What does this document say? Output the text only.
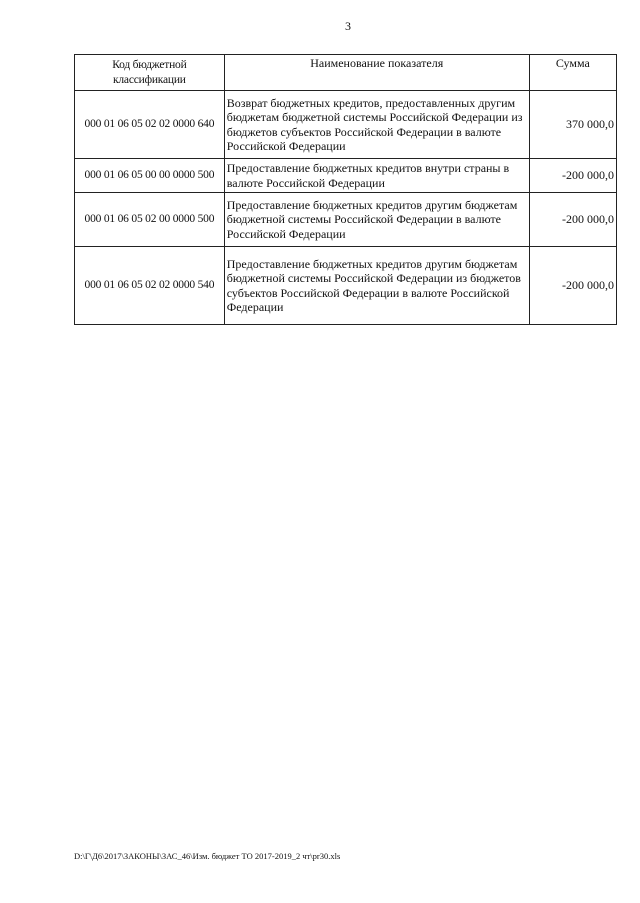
3
Код бюджетной классификации	Наименование показателя	Сумма
000 01 06 05 02 02 0000 640	Возврат бюджетных кредитов, предоставленных другим бюджетам бюджетной системы Российской Федерации из бюджетов субъектов Российской Федерации в валюте Российской Федерации	370 000,0
000 01 06 05 00 00 0000 500	Предоставление бюджетных кредитов внутри страны в валюте Российской Федерации	-200 000,0
000 01 06 05 02 00 0000 500	Предоставление бюджетных кредитов другим бюджетам бюджетной системы Российской Федерации в валюте Российской Федерации	-200 000,0
000 01 06 05 02 02 0000 540	Предоставление бюджетных кредитов другим бюджетам бюджетной системы Российской Федерации из бюджетов субъектов Российской Федерации в валюте Российской Федерации	-200 000,0
D:\Г\Д6\2017\ЗАКОНЫ\ЗАС_46\Изм. бюджет ТО 2017-2019_2 чт\pr30.xls
